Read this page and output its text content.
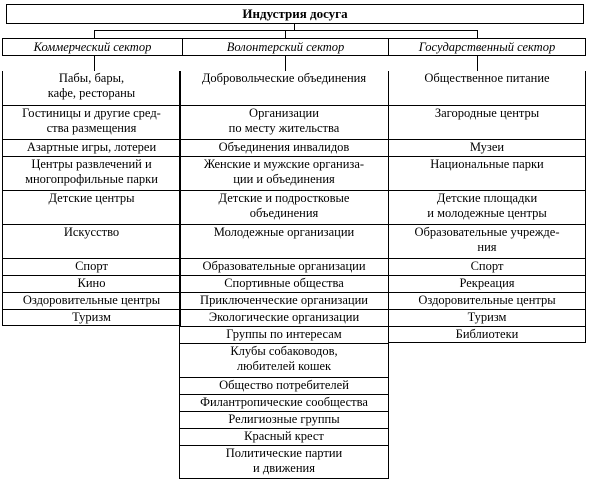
Индустрия досуга
Коммерческий сектор	Волонтерский сектор	Государственный сектор
Пабы, бары,
кафе, рестораны
Гостиницы и другие сред-
ства размещения
Азартные игры, лотереи
Центры развлечений и
многопрофильные парки
Детские центры
Искусство
Спорт
Кино
Оздоровительные центры
Туризм
Добровольческие объединения
Организации
по месту жительства
Объединения инвалидов
Женские и мужские организа-
ции и объединения
Детские и подростковые
объединения
Молодежные организации
Образовательные организации
Спортивные общества
Приключенческие организации
Экологические организации
Группы по интересам
Клубы собаководов,
любителей кошек
Общество потребителей
Филантропические сообщества
Религиозные группы
Красный крест
Политические партии
и движения
Общественное питание
Загородные центры
Музеи
Национальные парки
Детские площадки
и молодежные центры
Образовательные учрежде-
ния
Спорт
Рекреация
Оздоровительные центры
Туризм
Библиотеки
